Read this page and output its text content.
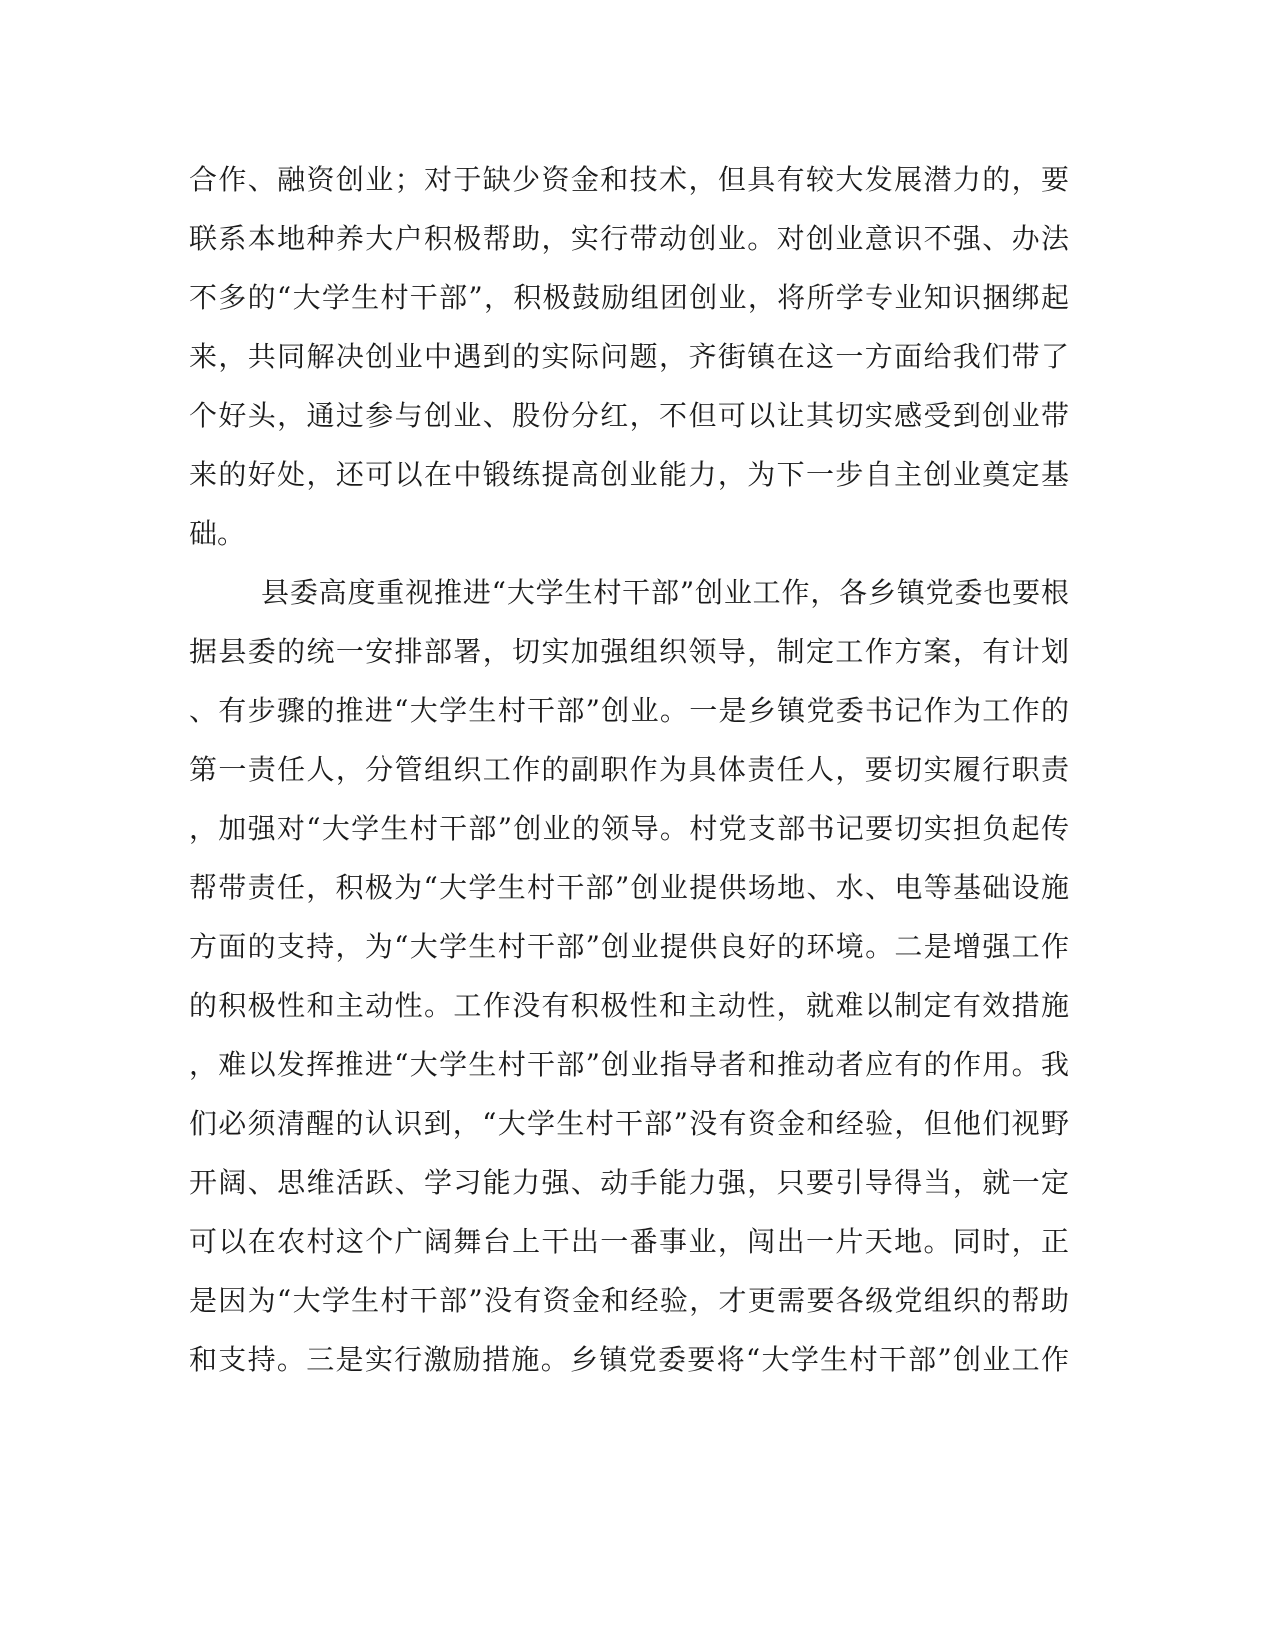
合作、融资创业；对于缺少资金和技术，但具有较大发展潜力的，要
联系本地种养大户积极帮助，实行带动创业。对创业意识不强、办法
不多的“大学生村干部”，积极鼓励组团创业，将所学专业知识捆绑起
来，共同解决创业中遇到的实际问题，齐街镇在这一方面给我们带了
个好头，通过参与创业、股份分红，不但可以让其切实感受到创业带
来的好处，还可以在中锻练提高创业能力，为下一步自主创业奠定基
础。
县委高度重视推进“大学生村干部”创业工作，各乡镇党委也要根
据县委的统一安排部署，切实加强组织领导，制定工作方案，有计划
、有步骤的推进“大学生村干部”创业。一是乡镇党委书记作为工作的
第一责任人，分管组织工作的副职作为具体责任人，要切实履行职责
，加强对“大学生村干部”创业的领导。村党支部书记要切实担负起传
帮带责任，积极为“大学生村干部”创业提供场地、水、电等基础设施
方面的支持，为“大学生村干部”创业提供良好的环境。二是增强工作
的积极性和主动性。工作没有积极性和主动性，就难以制定有效措施
，难以发挥推进“大学生村干部”创业指导者和推动者应有的作用。我
们必须清醒的认识到，“大学生村干部”没有资金和经验，但他们视野
开阔、思维活跃、学习能力强、动手能力强，只要引导得当，就一定
可以在农村这个广阔舞台上干出一番事业，闯出一片天地。同时，正
是因为“大学生村干部”没有资金和经验，才更需要各级党组织的帮助
和支持。三是实行激励措施。乡镇党委要将“大学生村干部”创业工作
